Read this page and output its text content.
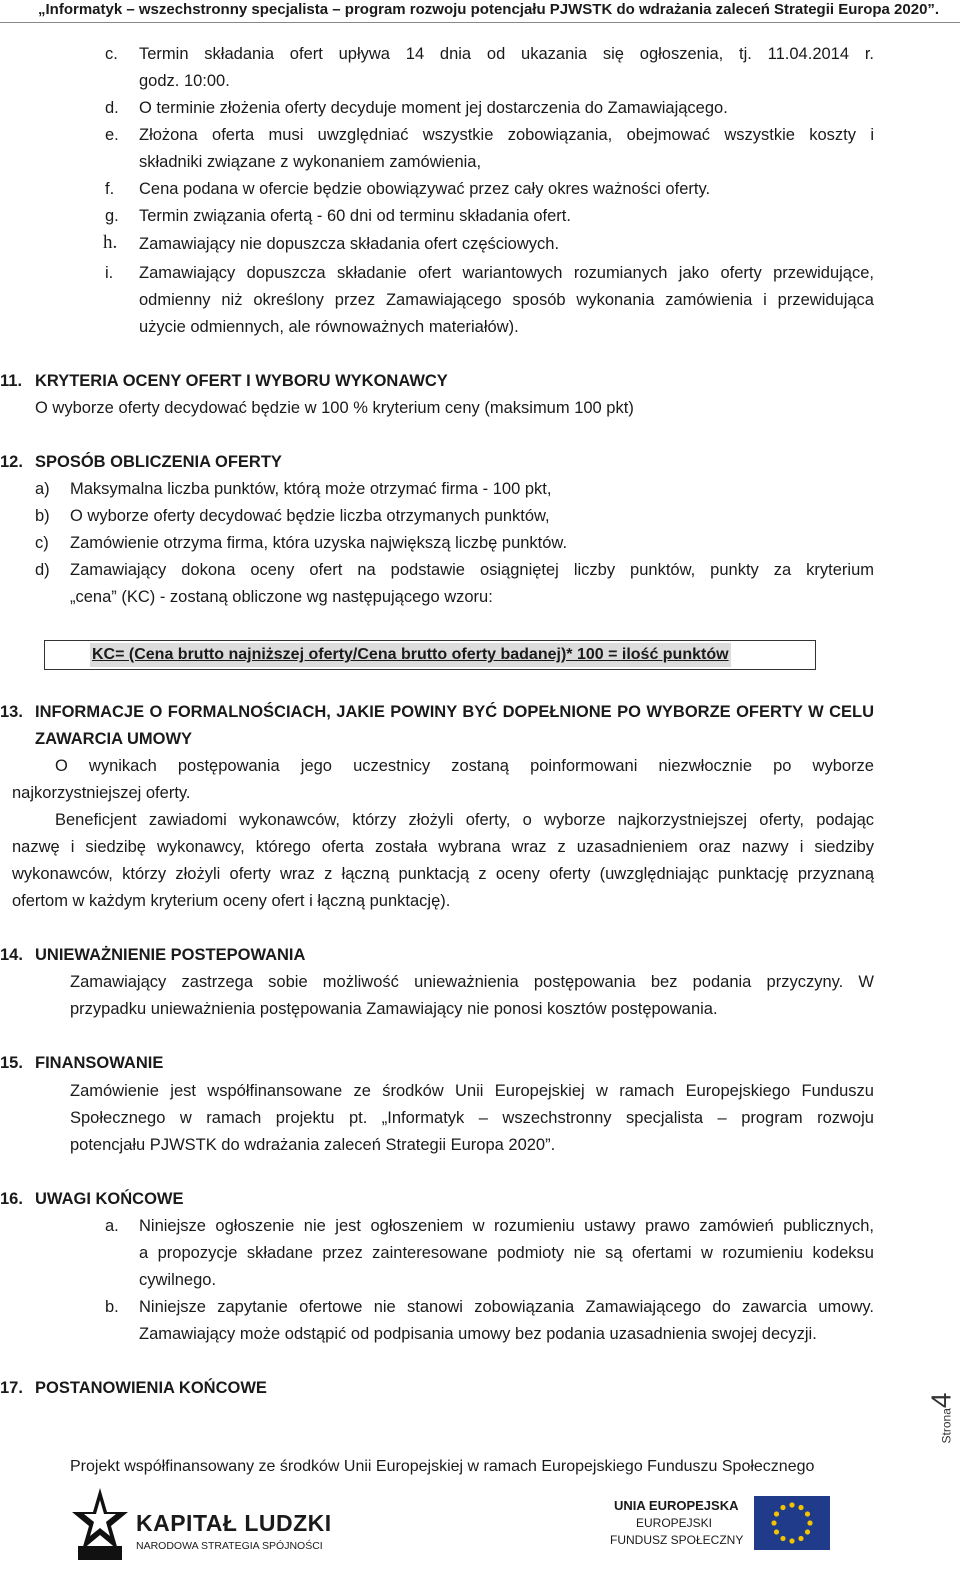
„Informatyk – wszechstronny specjalista – program rozwoju potencjału PJWSTK do wdrażania zaleceń Strategii Europa 2020”.
c. Termin składania ofert upływa 14 dnia od ukazania się ogłoszenia, tj. 11.04.2014 r.
godz. 10:00.
d. O terminie złożenia oferty decyduje moment jej dostarczenia do Zamawiającego.
e. Złożona oferta musi uwzględniać wszystkie zobowiązania, obejmować wszystkie koszty i
składniki związane z wykonaniem zamówienia,
f. Cena podana w ofercie będzie obowiązywać przez cały okres ważności oferty.
g. Termin związania ofertą - 60 dni od terminu składania ofert.
h. Zamawiający nie dopuszcza składania ofert częściowych.
i. Zamawiający dopuszcza składanie ofert wariantowych rozumianych jako oferty przewidujące,
odmienny niż określony przez Zamawiającego sposób wykonania zamówienia i przewidująca
użycie odmiennych, ale równoważnych materiałów).
11. KRYTERIA OCENY OFERT I WYBORU WYKONAWCY
O wyborze oferty decydować będzie w 100 % kryterium ceny (maksimum 100 pkt)
12. SPOSÓB OBLICZENIA OFERTY
a) Maksymalna liczba punktów, którą może otrzymać firma - 100 pkt,
b) O wyborze oferty decydować będzie liczba otrzymanych punktów,
c) Zamówienie otrzyma firma, która uzyska największą liczbę punktów.
d) Zamawiający dokona oceny ofert na podstawie osiągniętej liczby punktów, punkty za kryterium
„cena” (KC) - zostaną obliczone wg następującego wzoru:
KC= (Cena brutto najniższej oferty/Cena brutto oferty badanej)* 100 = ilość punktów
13. INFORMACJE O FORMALNOŚCIACH, JAKIE POWINY BYĆ DOPEŁNIONE PO WYBORZE OFERTY W CELU
ZAWARCIA UMOWY
O wynikach postępowania jego uczestnicy zostaną poinformowani niezwłocznie po wyborze
najkorzystniejszej oferty.
Beneficjent zawiadomi wykonawców, którzy złożyli oferty, o wyborze najkorzystniejszej oferty, podając
nazwę i siedzibę wykonawcy, którego oferta została wybrana wraz z uzasadnieniem oraz nazwy i siedziby
wykonawców, którzy złożyli oferty wraz z łączną punktacją z oceny oferty (uwzględniając punktację przyznaną
ofertom w każdym kryterium oceny ofert i łączną punktację).
14. UNIEWAŻNIENIE POSTEPOWANIA
Zamawiający zastrzega sobie możliwość unieważnienia postępowania bez podania przyczyny. W
przypadku unieważnienia postępowania Zamawiający nie ponosi kosztów postępowania.
15. FINANSOWANIE
Zamówienie jest współfinansowane ze środków Unii Europejskiej w ramach Europejskiego Funduszu
Społecznego w ramach projektu pt. „Informatyk – wszechstronny specjalista – program rozwoju
potencjału PJWSTK do wdrażania zaleceń Strategii Europa 2020”.
16. UWAGI KOŃCOWE
a. Niniejsze ogłoszenie nie jest ogłoszeniem w rozumieniu ustawy prawo zamówień publicznych,
a propozycje składane przez zainteresowane podmioty nie są ofertami w rozumieniu kodeksu
cywilnego.
b. Niniejsze zapytanie ofertowe nie stanowi zobowiązania Zamawiającego do zawarcia umowy.
Zamawiający może odstąpić od podpisania umowy bez podania uzasadnienia swojej decyzji.
17. POSTANOWIENIA KOŃCOWE
Strona4
Projekt współfinansowany ze środków Unii Europejskiej w ramach Europejskiego Funduszu Społecznego
KAPITAŁ LUDZKI
NARODOWA STRATEGIA SPÓJNOŚCI
UNIA EUROPEJSKA
EUROPEJSKI
FUNDUSZ SPOŁECZNY
